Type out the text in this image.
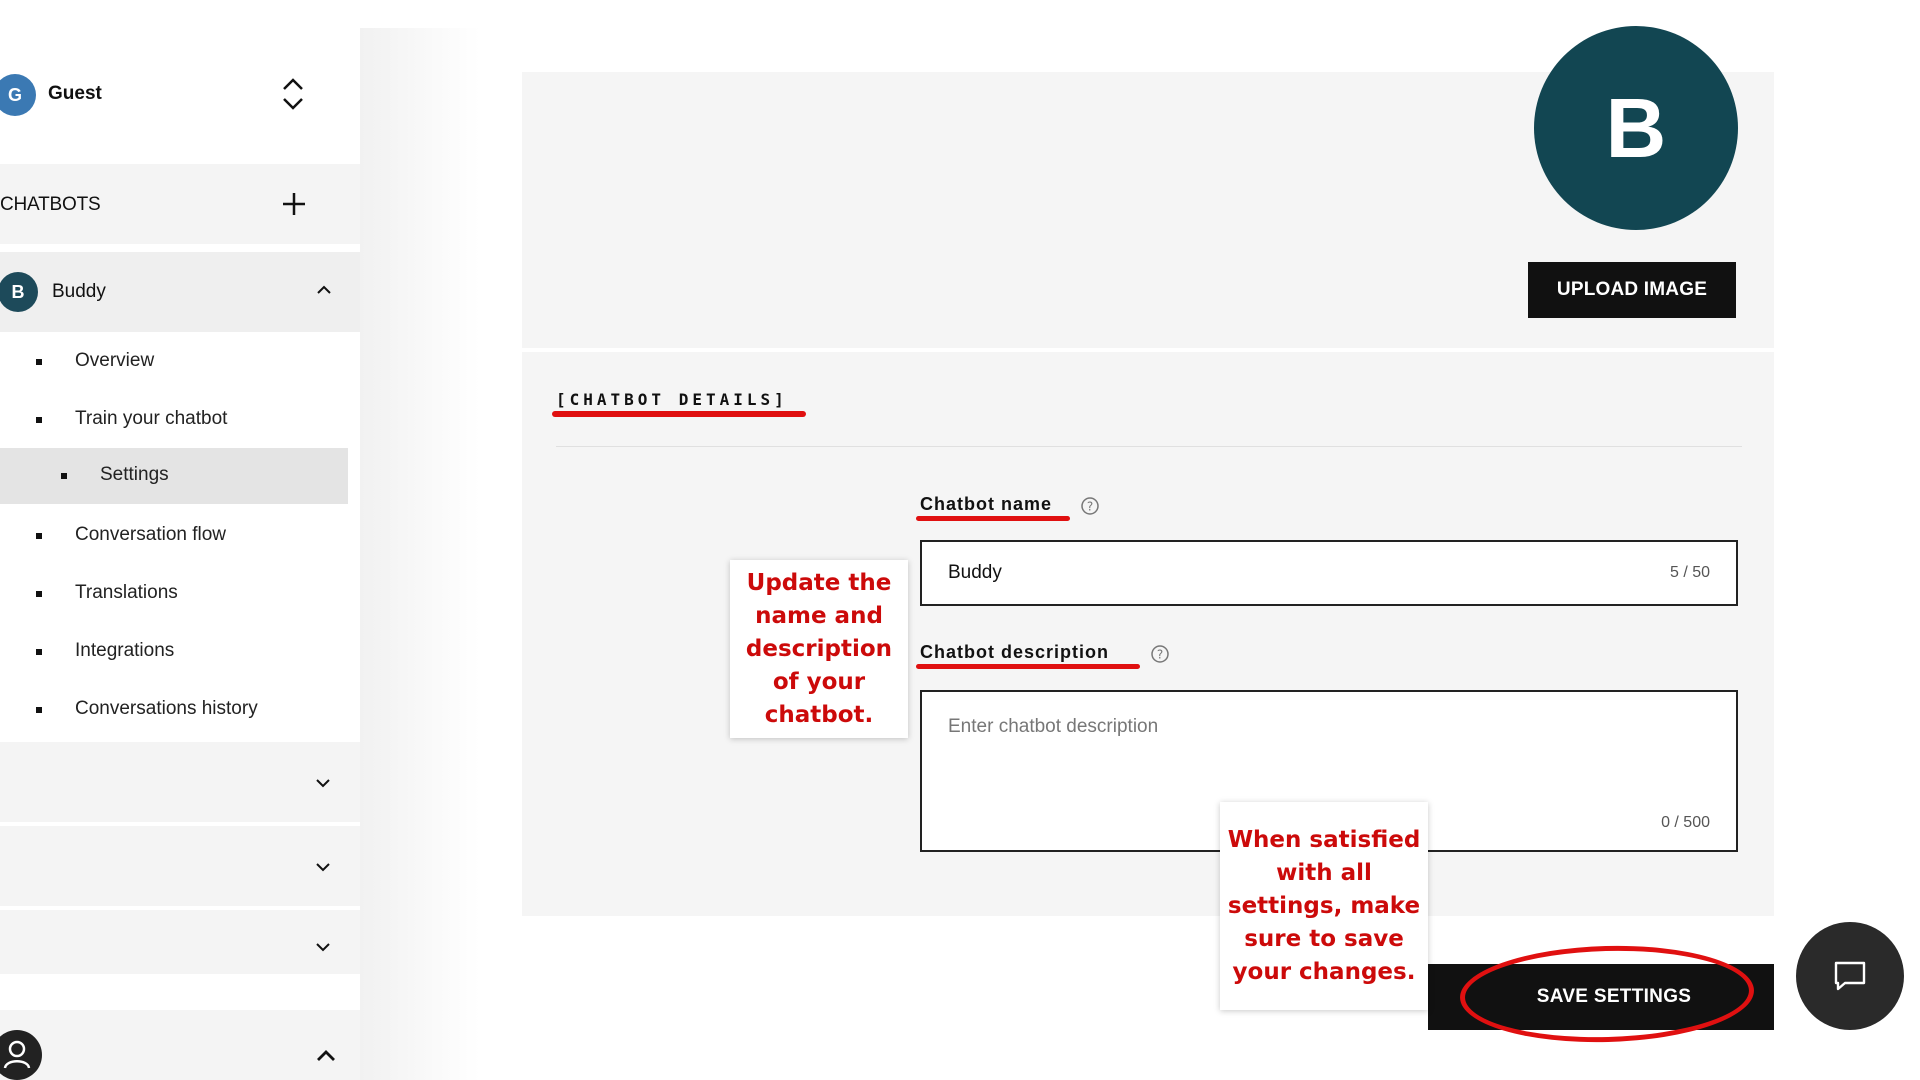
G	Guest
CHATBOTS
B	Buddy
Overview
Train your chatbot
Settings
Conversation flow
Translations
Integrations
Conversations history
B
UPLOAD IMAGE
[CHATBOT DETAILS]
Chatbot name	?
Buddy	5 / 50
Chatbot description	?
Enter chatbot description
0 / 500
SAVE SETTINGS
Update the name and description of your chatbot.
When satisfied with all settings, make sure to save your changes.
